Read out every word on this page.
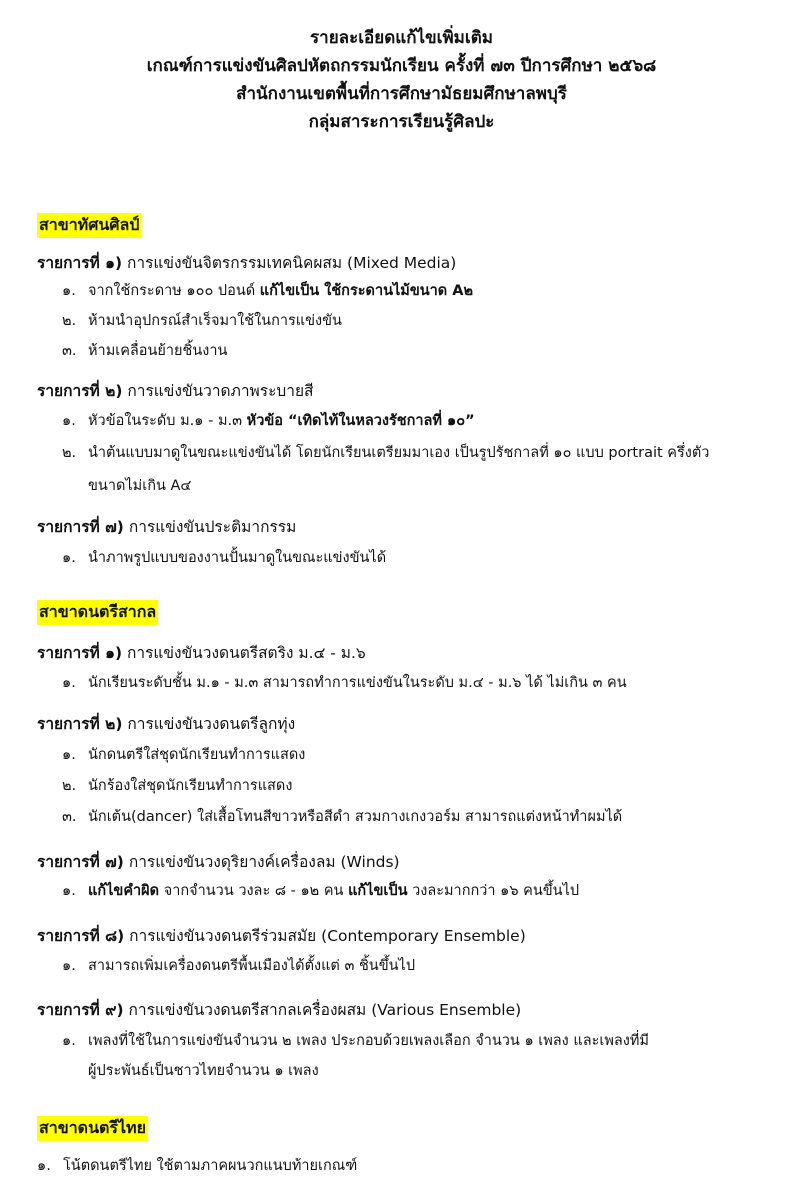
รายละเอียดแก้ไขเพิ่มเติม
เกณฑ์การแข่งขันศิลปหัตถกรรมนักเรียน ครั้งที่ ๗๓ ปีการศึกษา ๒๕๖๘
สำนักงานเขตพื้นที่การศึกษามัธยมศึกษาลพบุรี
กลุ่มสาระการเรียนรู้ศิลปะ
สาขาทัศนศิลป์
รายการที่ ๑) การแข่งขันจิตรกรรมเทคนิคผสม (Mixed Media)
๑. จากใช้กระดาษ ๑๐๐ ปอนด์ แก้ไขเป็น ใช้กระดานไม้ขนาด A๒
๒. ห้ามนำอุปกรณ์สำเร็จมาใช้ในการแข่งขัน
๓. ห้ามเคลื่อนย้ายชิ้นงาน
รายการที่ ๒) การแข่งขันวาดภาพระบายสี
๑. หัวข้อในระดับ ม.๑ - ม.๓ หัวข้อ “เทิดไท้ในหลวงรัชกาลที่ ๑๐”
๒. นำต้นแบบมาดูในขณะแข่งขันได้ โดยนักเรียนเตรียมมาเอง เป็นรูปรัชกาลที่ ๑๐ แบบ portrait ครึ่งตัว
ขนาดไม่เกิน A๔
รายการที่ ๗) การแข่งขันประติมากรรม
๑. นำภาพรูปแบบของงานปั้นมาดูในขณะแข่งขันได้
สาขาดนตรีสากล
รายการที่ ๑) การแข่งขันวงดนตรีสตริง ม.๔ - ม.๖
๑. นักเรียนระดับชั้น ม.๑ - ม.๓ สามารถทำการแข่งขันในระดับ ม.๔ - ม.๖ ได้ ไม่เกิน ๓ คน
รายการที่ ๒) การแข่งขันวงดนตรีลูกทุ่ง
๑. นักดนตรีใส่ชุดนักเรียนทำการแสดง
๒. นักร้องใส่ชุดนักเรียนทำการแสดง
๓. นักเต้น(dancer) ใส่เสื้อโทนสีขาวหรือสีดำ สวมกางเกงวอร์ม สามารถแต่งหน้าทำผมได้
รายการที่ ๗) การแข่งขันวงดุริยางค์เครื่องลม (Winds)
๑. แก้ไขคำผิด จากจำนวน วงละ ๘ - ๑๒ คน แก้ไขเป็น วงละมากกว่า ๑๖ คนขึ้นไป
รายการที่ ๘) การแข่งขันวงดนตรีร่วมสมัย (Contemporary Ensemble)
๑. สามารถเพิ่มเครื่องดนตรีพื้นเมืองได้ตั้งแต่ ๓ ชิ้นขึ้นไป
รายการที่ ๙) การแข่งขันวงดนตรีสากลเครื่องผสม (Various Ensemble)
๑. เพลงที่ใช้ในการแข่งขันจำนวน ๒ เพลง ประกอบด้วยเพลงเลือก จำนวน ๑ เพลง และเพลงที่มี
ผู้ประพันธ์เป็นชาวไทยจำนวน ๑ เพลง
สาขาดนตรีไทย
๑. โน้ตดนตรีไทย ใช้ตามภาคผนวกแนบท้ายเกณฑ์
